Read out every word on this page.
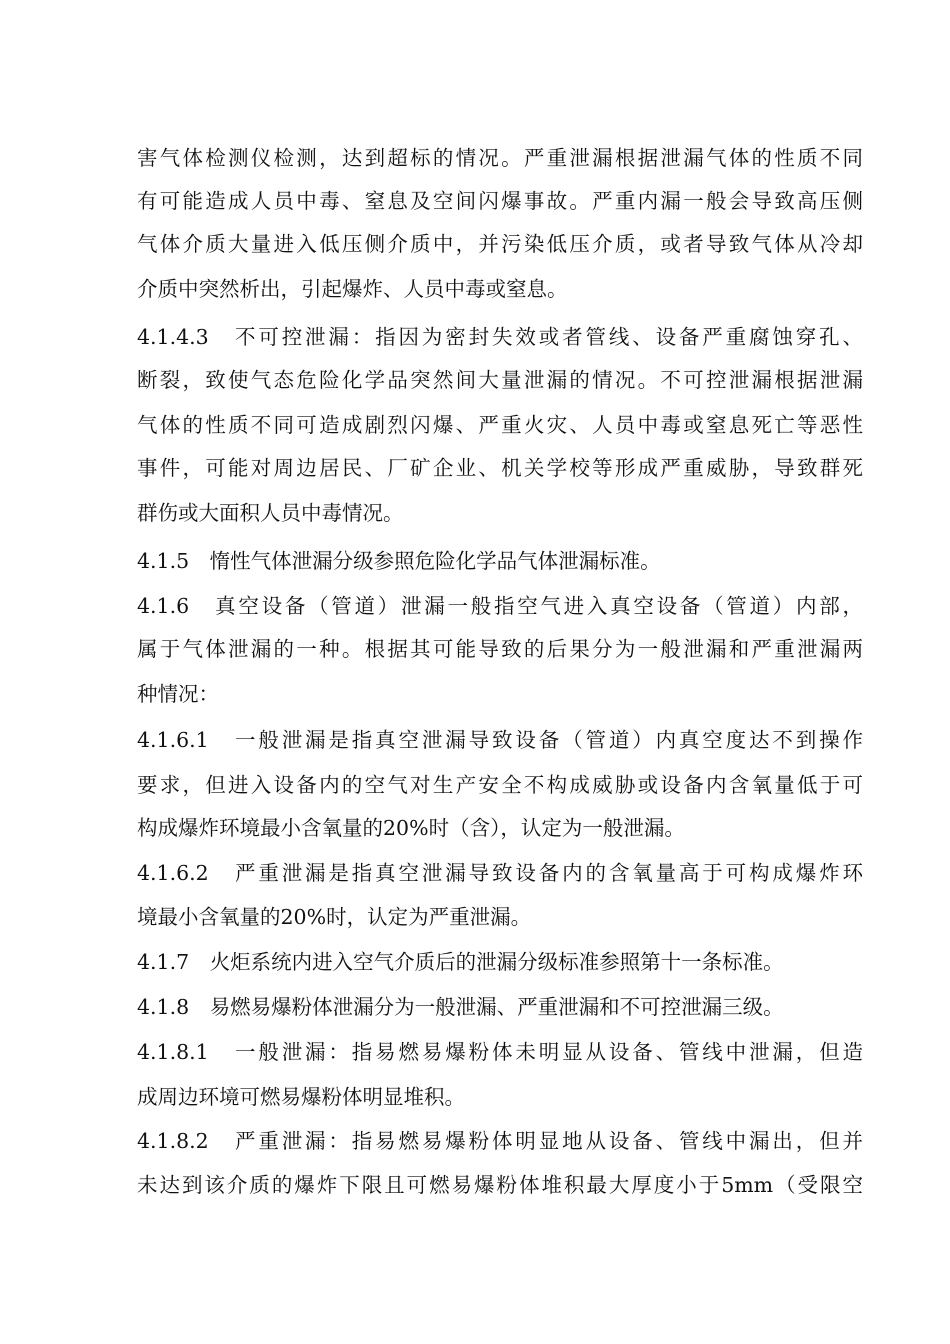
害气体检测仪检测，达到超标的情况。严重泄漏根据泄漏气体的性质不同
有可能造成人员中毒、窒息及空间闪爆事故。严重内漏一般会导致高压侧
气体介质大量进入低压侧介质中，并污染低压介质，或者导致气体从冷却
介质中突然析出，引起爆炸、人员中毒或窒息。
4.1.4.3　不可控泄漏：指因为密封失效或者管线、设备严重腐蚀穿孔、
断裂，致使气态危险化学品突然间大量泄漏的情况。不可控泄漏根据泄漏
气体的性质不同可造成剧烈闪爆、严重火灾、人员中毒或窒息死亡等恶性
事件，可能对周边居民、厂矿企业、机关学校等形成严重威胁，导致群死
群伤或大面积人员中毒情况。
4.1.5　惰性气体泄漏分级参照危险化学品气体泄漏标准。
4.1.6　真空设备（管道）泄漏一般指空气进入真空设备（管道）内部，
属于气体泄漏的一种。根据其可能导致的后果分为一般泄漏和严重泄漏两
种情况：
4.1.6.1　一般泄漏是指真空泄漏导致设备（管道）内真空度达不到操作
要求，但进入设备内的空气对生产安全不构成威胁或设备内含氧量低于可
构成爆炸环境最小含氧量的20%时（含），认定为一般泄漏。
4.1.6.2　严重泄漏是指真空泄漏导致设备内的含氧量高于可构成爆炸环
境最小含氧量的20%时，认定为严重泄漏。
4.1.7　火炬系统内进入空气介质后的泄漏分级标准参照第十一条标准。
4.1.8　易燃易爆粉体泄漏分为一般泄漏、严重泄漏和不可控泄漏三级。
4.1.8.1　一般泄漏：指易燃易爆粉体未明显从设备、管线中泄漏，但造
成周边环境可燃易爆粉体明显堆积。
4.1.8.2　严重泄漏：指易燃易爆粉体明显地从设备、管线中漏出，但并
未达到该介质的爆炸下限且可燃易爆粉体堆积最大厚度小于5mm（受限空
